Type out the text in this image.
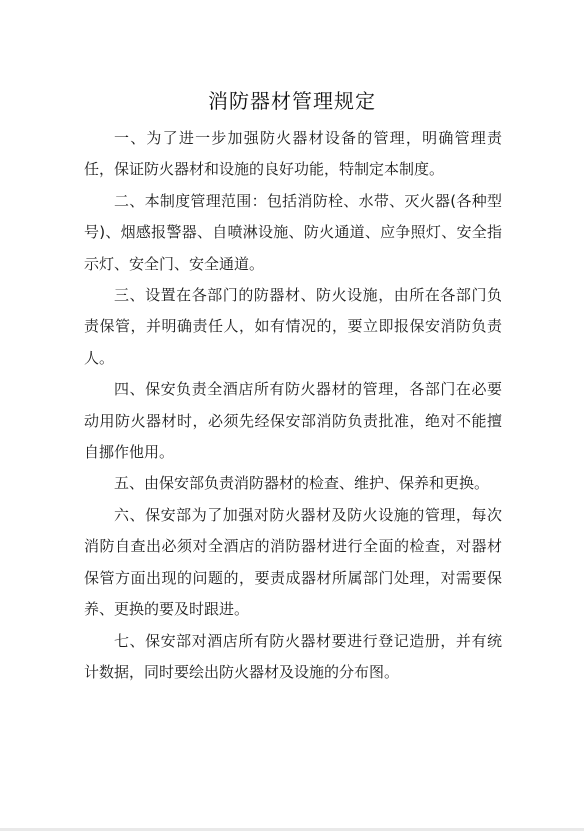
消防器材管理规定

一、为了进一步加强防火器材设备的管理，明确管理责任，保证防火器材和设施的良好功能，特制定本制度。

二、本制度管理范围：包括消防栓、水带、灭火器(各种型号)、烟感报警器、自喷淋设施、防火通道、应争照灯、安全指示灯、安全门、安全通道。

三、设置在各部门的防器材、防火设施，由所在各部门负责保管，并明确责任人，如有情况的，要立即报保安消防负责人。

四、保安负责全酒店所有防火器材的管理，各部门在必要动用防火器材时，必须先经保安部消防负责批准，绝对不能擅自挪作他用。

五、由保安部负责消防器材的检查、维护、保养和更换。

六、保安部为了加强对防火器材及防火设施的管理，每次消防自查出必须对全酒店的消防器材进行全面的检查，对器材保管方面出现的问题的，要责成器材所属部门处理，对需要保养、更换的要及时跟进。

七、保安部对酒店所有防火器材要进行登记造册，并有统计数据，同时要绘出防火器材及设施的分布图。
